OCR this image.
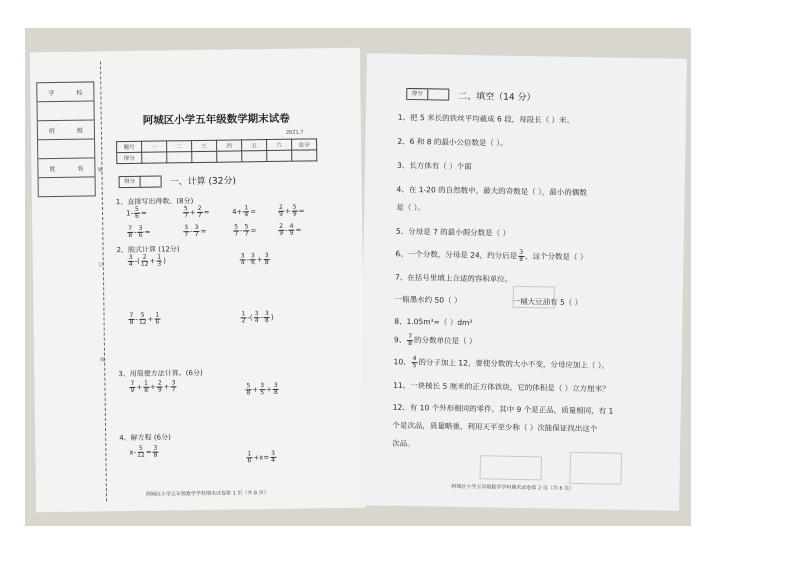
学	校
班	级
姓	名	装
订
线
阿城区小学五年级数学期末试卷
2021.7
题号	一	二	三	四	五	六	总分
得分							
得分	一、计算 (32分)
1、直接写出得数。(8分)
$1- \frac{5}{6}$ =	$\frac{5}{7} + \frac{2}{7}$ =	$4+ \frac{1}{4}$ =	$\frac{2}{9} + \frac{5}{9}$ =
$\frac{7}{8} - \frac{3}{6}$ =	$\frac{3}{7} - \frac{3}{7}$ =	$\frac{5}{7} - \frac{5}{7}$ =	$\frac{2}{9} - \frac{4}{9}$ =
2、脱式计算 (12分)
$\frac{3}{4}$ -( $\frac{2}{12} + \frac{1}{3}$ )	$\frac{3}{4} - \frac{3}{6} + \frac{3}{8}$
$\frac{7}{8} - \frac{5}{12} + \frac{1}{6}$	$\frac{1}{2}$ -( $\frac{3}{4} - \frac{3}{8}$ )
3、用简便方法计算。(6分)
$\frac{7}{9} + \frac{1}{8} + \frac{2}{9} + \frac{3}{7}$	$\frac{5}{8} + \frac{3}{5} + \frac{3}{8}$
4、解方程 (6分)
$x- \frac{5}{12} = \frac{3}{8}$	$\frac{1}{6} +x= \frac{3}{4}$
阿城区小学五年级数学学科期末试卷第 1 页（共 6 页）
得分	二、填空（14 分）
1、把 5 米长的铁丝平均截成 6 段，每段长（ ）米。
2、6 和 8 的最小公倍数是（ ）。
3、长方体有（ ）个面
4、在 1-20 的自然数中，最大的奇数是（ ），最小的偶数
是（ ）。
5、分母是 7 的最小假分数是（ ）
6、一个分数，分母是 24，约分后是 $\frac{3}{8}$ ，这个分数是（ ）
7、在括号里填上合适的容积单位。
一瓶墨水约 50（ ）	一桶大豆油有 5（ ）
8、1.05m³=（ ）dm³
9、 $\frac{7}{8}$ 的分数单位是（ ）
10、 $\frac{4}{5}$ 的分子加上 12，要使分数的大小不变，分母应加上（ ）。
11、一块棱长 5 厘米的正方体铁块，它的体积是（ ）立方厘米？
12、有 10 个外形相同的零件，其中 9 个是正品，质量相同，有 1
个是次品，质量略重，利用天平至少称（ ）次能保证找出这个
次品。
阿城区小学五年级数学学科期末试卷第 2 页（共 6 页）
